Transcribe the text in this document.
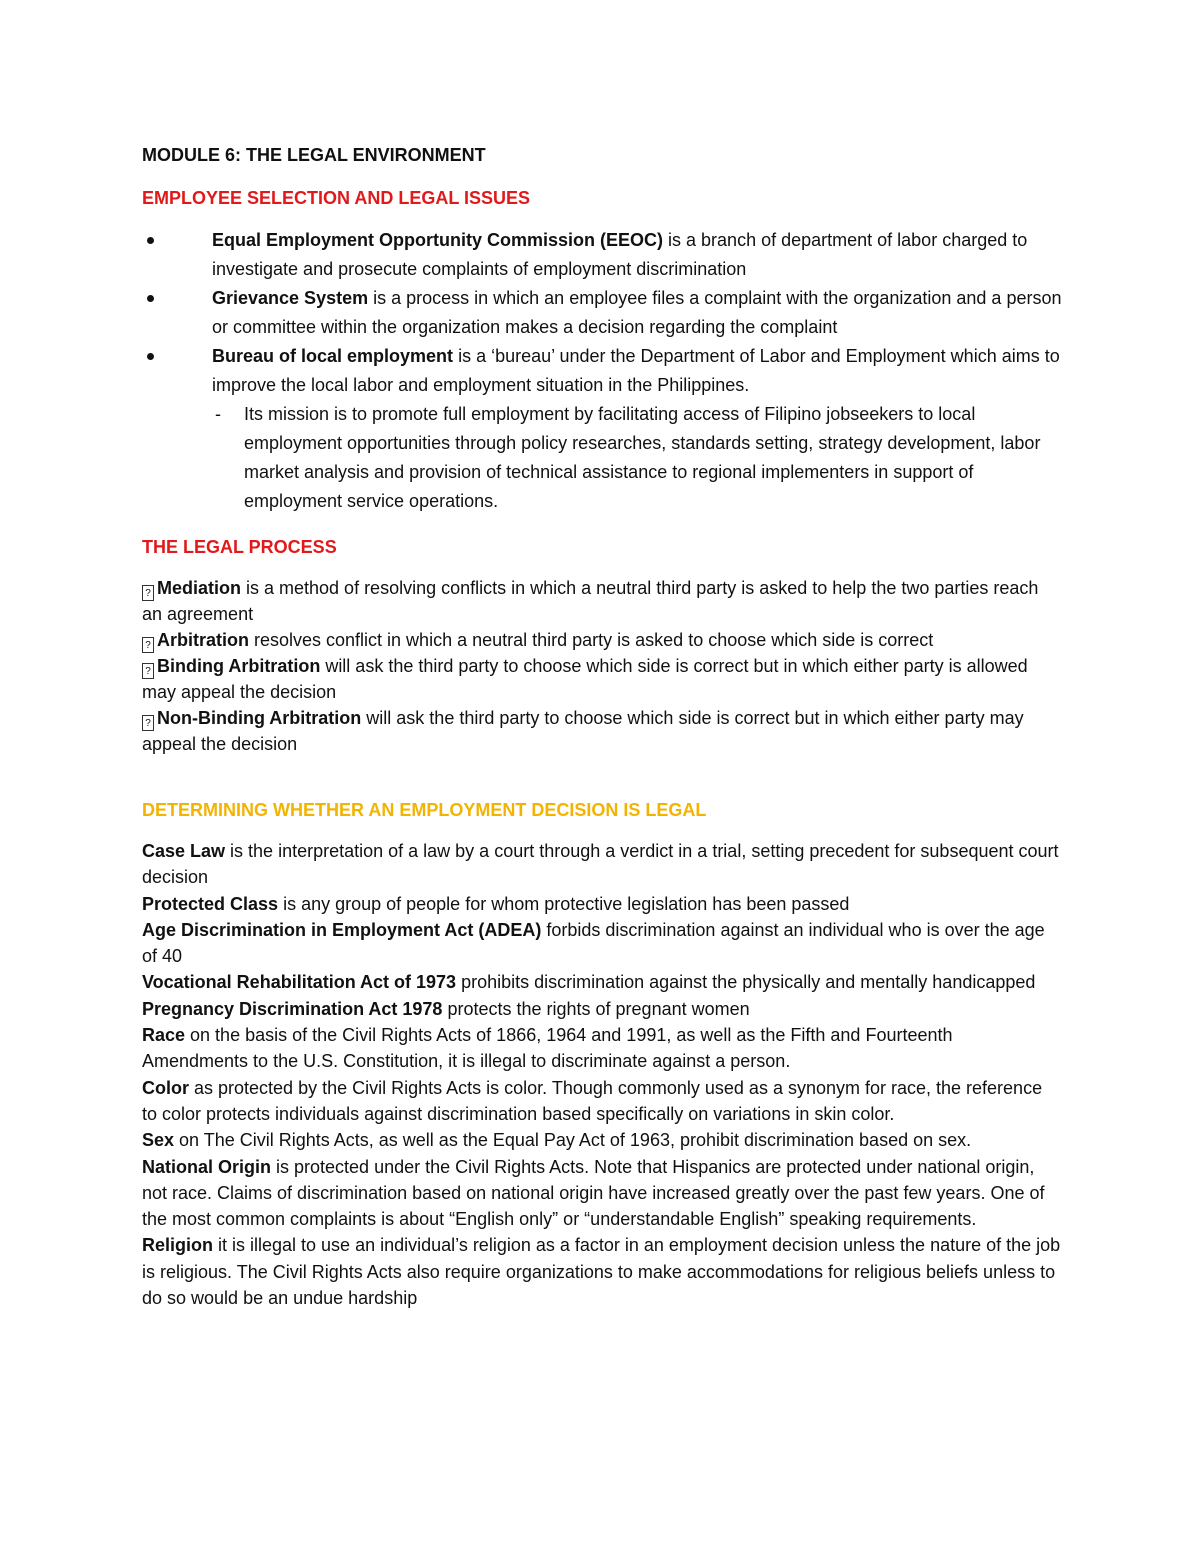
MODULE 6: THE LEGAL ENVIRONMENT
EMPLOYEE SELECTION AND LEGAL ISSUES
Equal Employment Opportunity Commission (EEOC) is a branch of department of labor charged to investigate and prosecute complaints of employment discrimination
Grievance System is a process in which an employee files a complaint with the organization and a person or committee within the organization makes a decision regarding the complaint
Bureau of local employment is a ‘bureau’ under the Department of Labor and Employment which aims to improve the local labor and employment situation in the Philippines.
- Its mission is to promote full employment by facilitating access of Filipino jobseekers to local employment opportunities through policy researches, standards setting, strategy development, labor market analysis and provision of technical assistance to regional implementers in support of employment service operations.
THE LEGAL PROCESS
? Mediation is a method of resolving conflicts in which a neutral third party is asked to help the two parties reach an agreement
? Arbitration resolves conflict in which a neutral third party is asked to choose which side is correct
? Binding Arbitration will ask the third party to choose which side is correct but in which either party is allowed may appeal the decision
? Non-Binding Arbitration will ask the third party to choose which side is correct but in which either party may appeal the decision
DETERMINING WHETHER AN EMPLOYMENT DECISION IS LEGAL
Case Law is the interpretation of a law by a court through a verdict in a trial, setting precedent for subsequent court decision
Protected Class is any group of people for whom protective legislation has been passed
Age Discrimination in Employment Act (ADEA) forbids discrimination against an individual who is over the age of 40
Vocational Rehabilitation Act of 1973 prohibits discrimination against the physically and mentally handicapped
Pregnancy Discrimination Act 1978 protects the rights of pregnant women
Race on the basis of the Civil Rights Acts of 1866, 1964 and 1991, as well as the Fifth and Fourteenth Amendments to the U.S. Constitution, it is illegal to discriminate against a person.
Color as protected by the Civil Rights Acts is color. Though commonly used as a synonym for race, the reference to color protects individuals against discrimination based specifically on variations in skin color.
Sex on The Civil Rights Acts, as well as the Equal Pay Act of 1963, prohibit discrimination based on sex.
National Origin is protected under the Civil Rights Acts. Note that Hispanics are protected under national origin, not race. Claims of discrimination based on national origin have increased greatly over the past few years. One of the most common complaints is about “English only” or “understandable English” speaking requirements.
Religion it is illegal to use an individual’s religion as a factor in an employment decision unless the nature of the job is religious. The Civil Rights Acts also require organizations to make accommodations for religious beliefs unless to do so would be an undue hardship
